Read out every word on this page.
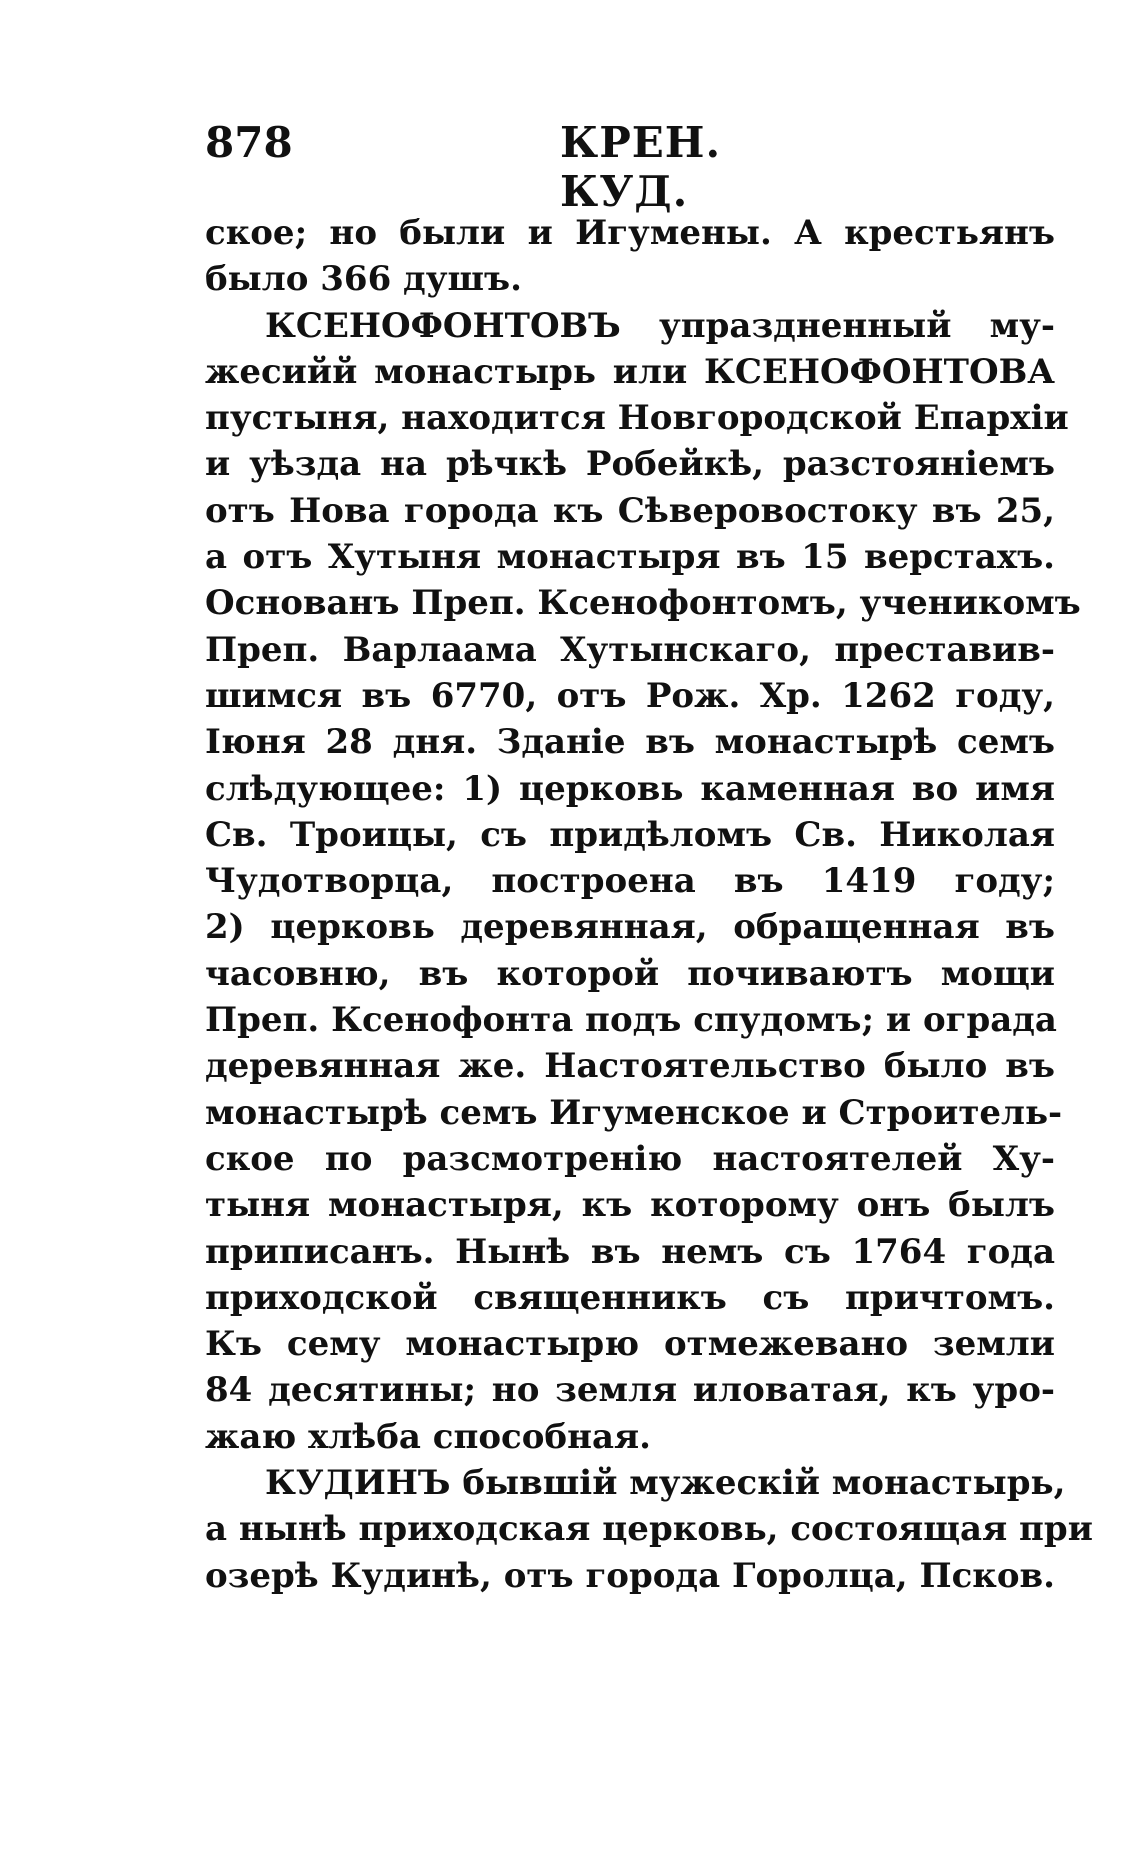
878	КРЕН. КУД.
ское; но были и Игумены. А крестьянъ
было 366 душъ.
КСЕНОФОНТОВЪ упраздненный му-
жесийй монастырь или КСЕНОФОНТОВА
пустыня, находится Новгородской Епархіи
и уѣзда на рѣчкѣ Робейкѣ, разстояніемъ
отъ Нова города къ Сѣверовостоку въ 25,
а отъ Хутыня монастыря въ 15 верстахъ.
Основанъ Преп. Ксенофонтомъ, ученикомъ
Преп. Варлаама Хутынскаго, преставив-
шимся въ 6770, отъ Рож. Хр. 1262 году,
Іюня 28 дня. Зданіе въ монастырѣ семъ
слѣдующее: 1) церковь каменная во имя
Св. Троицы, съ придѣломъ Св. Николая
Чудотворца, построена въ 1419 году;
2) церковь деревянная, обращенная въ
часовню, въ которой почиваютъ мощи
Преп. Ксенофонта подъ спудомъ; и ограда
деревянная же. Настоятельство было въ
монастырѣ семъ Игуменское и Строитель-
ское по разсмотренію настоятелей Ху-
тыня монастыря, къ которому онъ былъ
приписанъ. Нынѣ въ немъ съ 1764 года
приходской священникъ съ причтомъ.
Къ сему монастырю отмежевано земли
84 десятины; но земля иловатая, къ уро-
жаю хлѣба способная.
КУДИНЪ бывшій мужескій монастырь,
а нынѣ приходская церковь, состоящая при
озерѣ Кудинѣ, отъ города Горолца, Псков.
